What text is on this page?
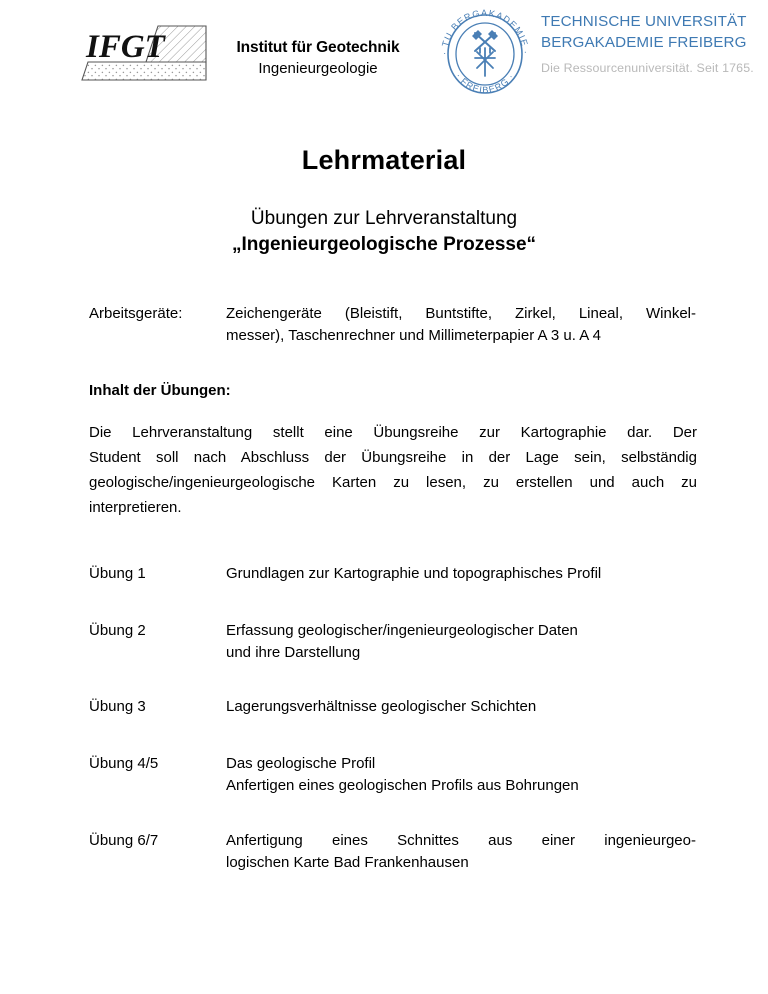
IFGT	Institut für Geotechnik
Ingenieurgeologie
· TU BERGAKADEMIE ·
· FREIBERG ·
TECHNISCHE UNIVERSITÄT
BERGAKADEMIE FREIBERG
Die Ressourcenuniversität. Seit 1765.
Lehrmaterial
Übungen zur Lehrveranstaltung
„Ingenieurgeologische Prozesse“
Arbeitsgeräte:	Zeichengeräte (Bleistift, Buntstifte, Zirkel, Lineal, Winkel-
messer), Taschenrechner und Millimeterpapier A 3 u. A 4
Inhalt der Übungen:
Die Lehrveranstaltung stellt eine Übungsreihe zur Kartographie dar. Der
Student soll nach Abschluss der Übungsreihe in der Lage sein, selbständig
geologische/ingenieurgeologische Karten zu lesen, zu erstellen und auch zu
interpretieren.
Übung 1	Grundlagen zur Kartographie und topographisches Profil
Übung 2	Erfassung geologischer/ingenieurgeologischer Daten
und ihre Darstellung
Übung 3	Lagerungsverhältnisse geologischer Schichten
Übung 4/5	Das geologische Profil
Anfertigen eines geologischen Profils aus Bohrungen
Übung 6/7	Anfertigung eines Schnittes aus einer ingenieurgeo-
logischen Karte Bad Frankenhausen
